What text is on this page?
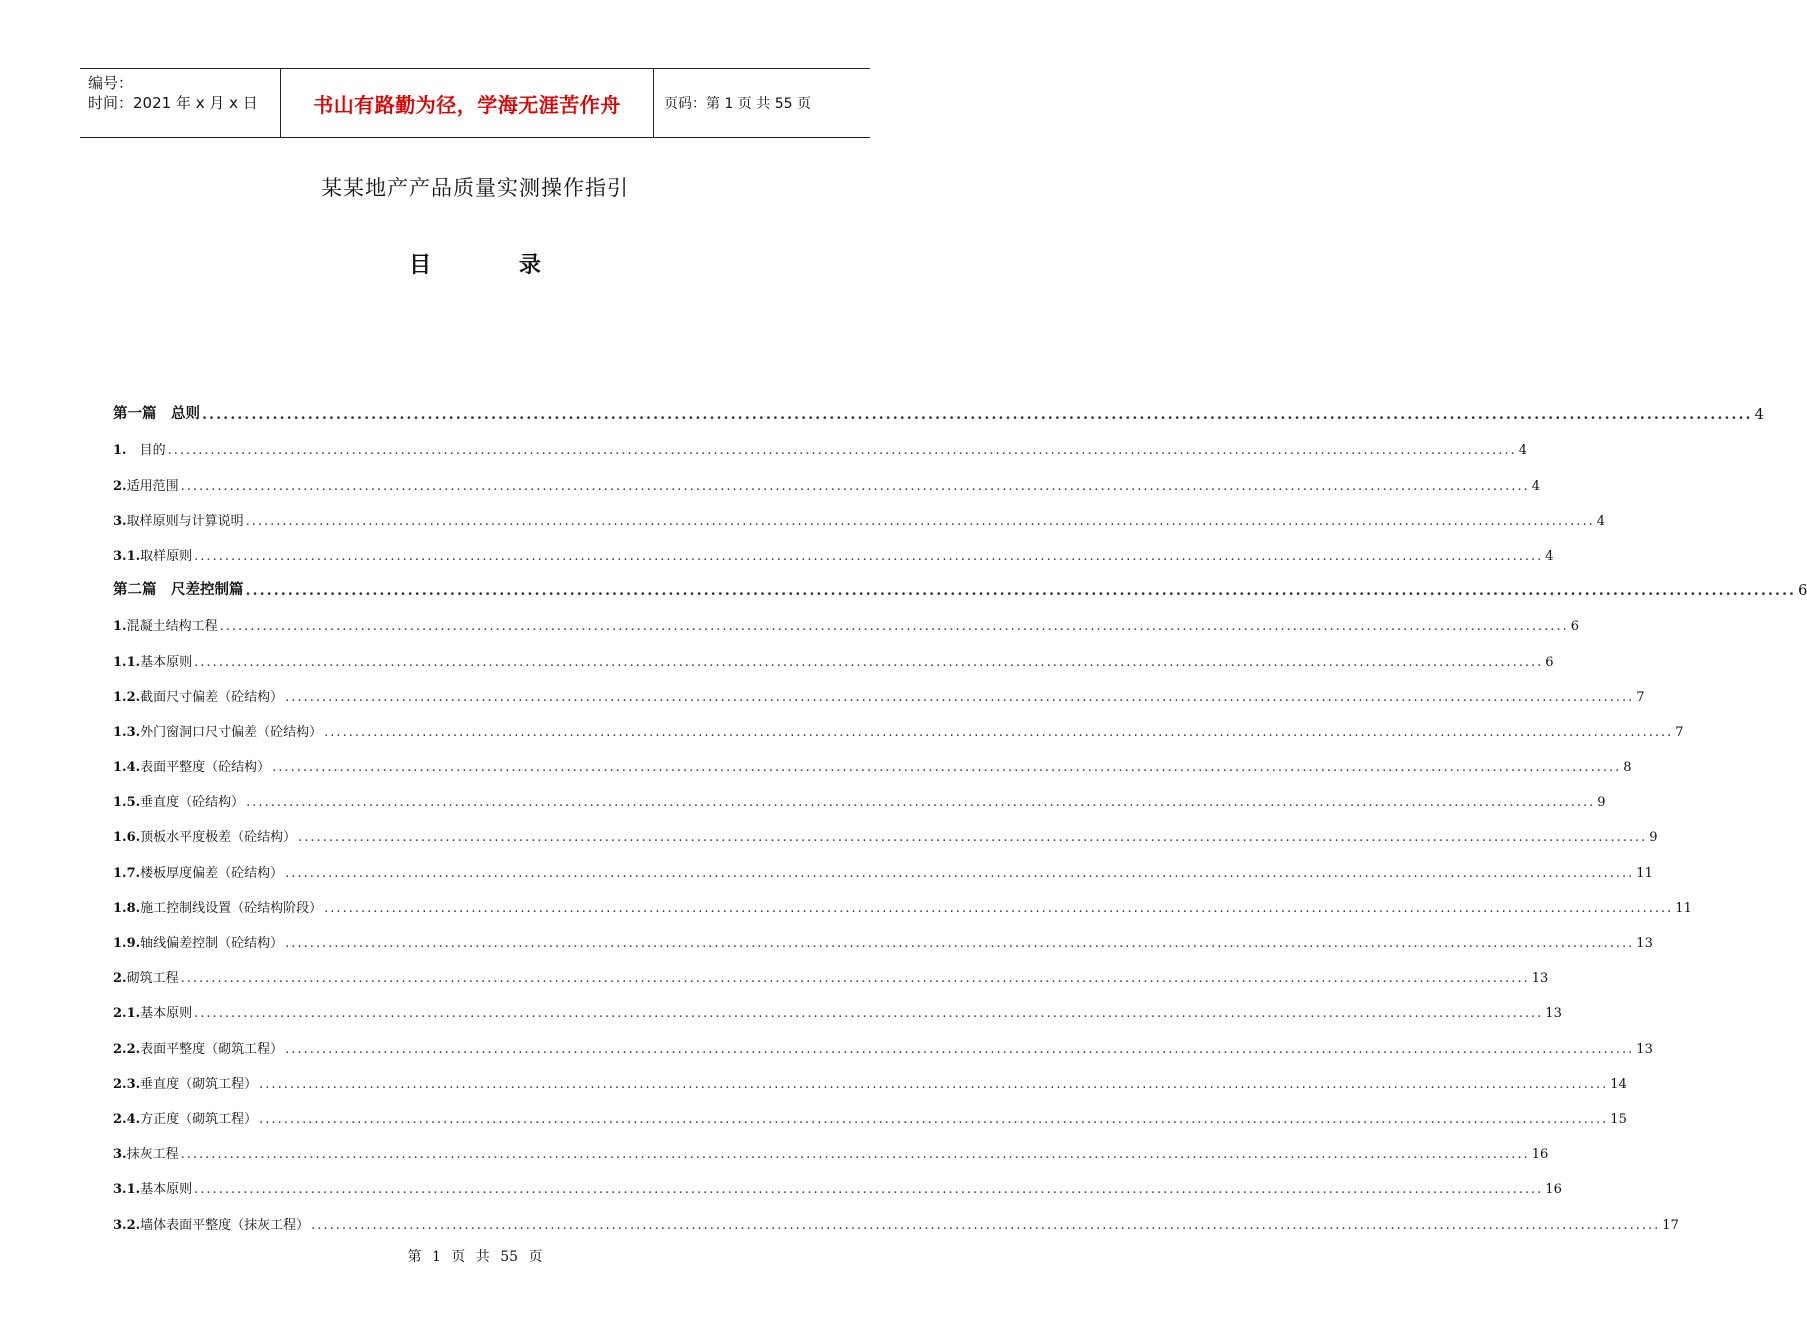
编号：
时间：2021 年 x 月 x 日	书山有路勤为径，学海无涯苦作舟	页码：第 1 页 共 55 页
某某地产产品质量实测操作指引
目 录
第一篇　总则 ............................................................................................................................................................................................................................ 4
1. 　目的 ............................................................................................................................................................................................................................ 4
2. 适用范围 ............................................................................................................................................................................................................................ 4
3. 取样原则与计算说明 ............................................................................................................................................................................................................................ 4
3.1. 取样原则 ............................................................................................................................................................................................................................ 4
第二篇　尺差控制篇 ............................................................................................................................................................................................................................ 6
1. 混凝土结构工程 ............................................................................................................................................................................................................................ 6
1.1. 基本原则 ............................................................................................................................................................................................................................ 6
1.2. 截面尺寸偏差（砼结构） ............................................................................................................................................................................................................................ 7
1.3. 外门窗洞口尺寸偏差（砼结构） ............................................................................................................................................................................................................................ 7
1.4. 表面平整度（砼结构） ............................................................................................................................................................................................................................ 8
1.5. 垂直度（砼结构） ............................................................................................................................................................................................................................ 9
1.6. 顶板水平度极差（砼结构） ............................................................................................................................................................................................................................ 9
1.7. 楼板厚度偏差（砼结构） ............................................................................................................................................................................................................................ 11
1.8. 施工控制线设置（砼结构阶段） ............................................................................................................................................................................................................................ 11
1.9. 轴线偏差控制（砼结构） ............................................................................................................................................................................................................................ 13
2. 砌筑工程 ............................................................................................................................................................................................................................ 13
2.1. 基本原则 ............................................................................................................................................................................................................................ 13
2.2. 表面平整度（砌筑工程） ............................................................................................................................................................................................................................ 13
2.3. 垂直度（砌筑工程） ............................................................................................................................................................................................................................ 14
2.4. 方正度（砌筑工程） ............................................................................................................................................................................................................................ 15
3. 抹灰工程 ............................................................................................................................................................................................................................ 16
3.1. 基本原则 ............................................................................................................................................................................................................................ 16
3.2. 墙体表面平整度（抹灰工程） ............................................................................................................................................................................................................................ 17
第 1 页 共 55 页
